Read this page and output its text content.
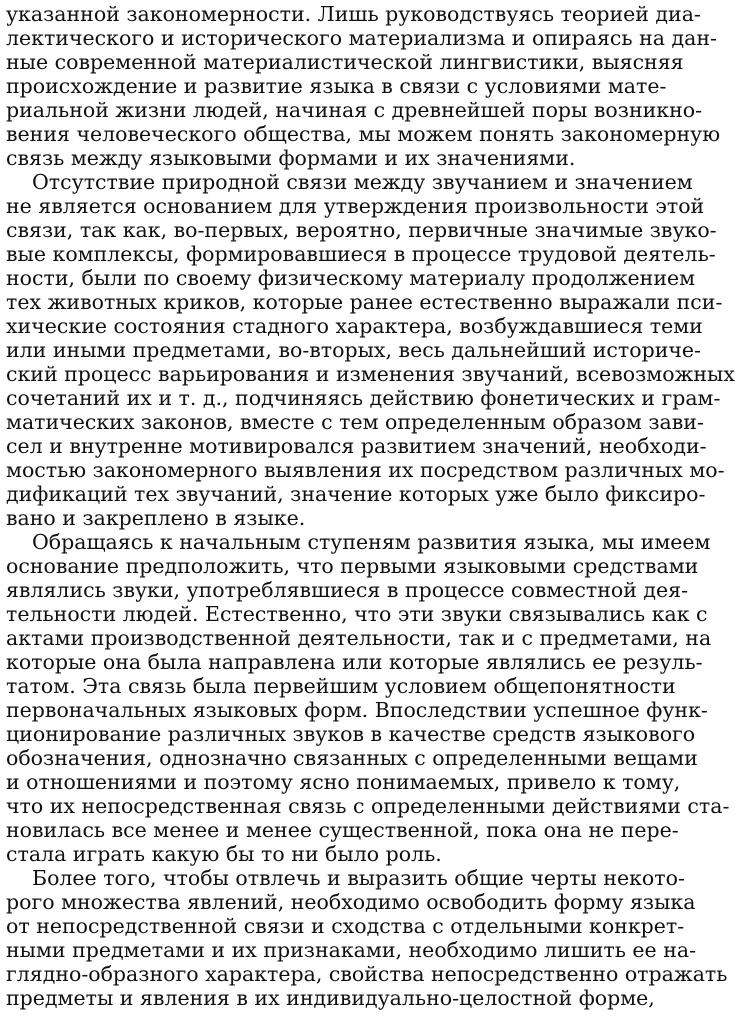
указанной закономерности. Лишь руководствуясь теорией диа-
лектического и исторического материализма и опираясь на дан-
ные современной материалистической лингвистики, выясняя
происхождение и развитие языка в связи с условиями мате-
риальной жизни людей, начиная с древнейшей поры возникно-
вения человеческого общества, мы можем понять закономерную
связь между языковыми формами и их значениями.
Отсутствие природной связи между звучанием и значением
не является основанием для утверждения произвольности этой
связи, так как, во-первых, вероятно, первичные значимые звуко-
вые комплексы, формировавшиеся в процессе трудовой деятель-
ности, были по своему физическому материалу продолжением
тех животных криков, которые ранее естественно выражали пси-
хические состояния стадного характера, возбуждавшиеся теми
или иными предметами, во-вторых, весь дальнейший историче-
ский процесс варьирования и изменения звучаний, всевозможных
сочетаний их и т. д., подчиняясь действию фонетических и грам-
матических законов, вместе с тем определенным образом зави-
сел и внутренне мотивировался развитием значений, необходи-
мостью закономерного выявления их посредством различных мо-
дификаций тех звучаний, значение которых уже было фиксиро-
вано и закреплено в языке.
Обращаясь к начальным ступеням развития языка, мы имеем
основание предположить, что первыми языковыми средствами
являлись звуки, употреблявшиеся в процессе совместной дея-
тельности людей. Естественно, что эти звуки связывались как с
актами производственной деятельности, так и с предметами, на
которые она была направлена или которые являлись ее резуль-
татом. Эта связь была первейшим условием общепонятности
первоначальных языковых форм. Впоследствии успешное функ-
ционирование различных звуков в качестве средств языкового
обозначения, однозначно связанных с определенными вещами
и отношениями и поэтому ясно понимаемых, привело к тому,
что их непосредственная связь с определенными действиями ста-
новилась все менее и менее существенной, пока она не пере-
стала играть какую бы то ни было роль.
Более того, чтобы отвлечь и выразить общие черты некото-
рого множества явлений, необходимо освободить форму языка
от непосредственной связи и сходства с отдельными конкрет-
ными предметами и их признаками, необходимо лишить ее на-
глядно-образного характера, свойства непосредственно отражать
предметы и явления в их индивидуально-целостной форме,
